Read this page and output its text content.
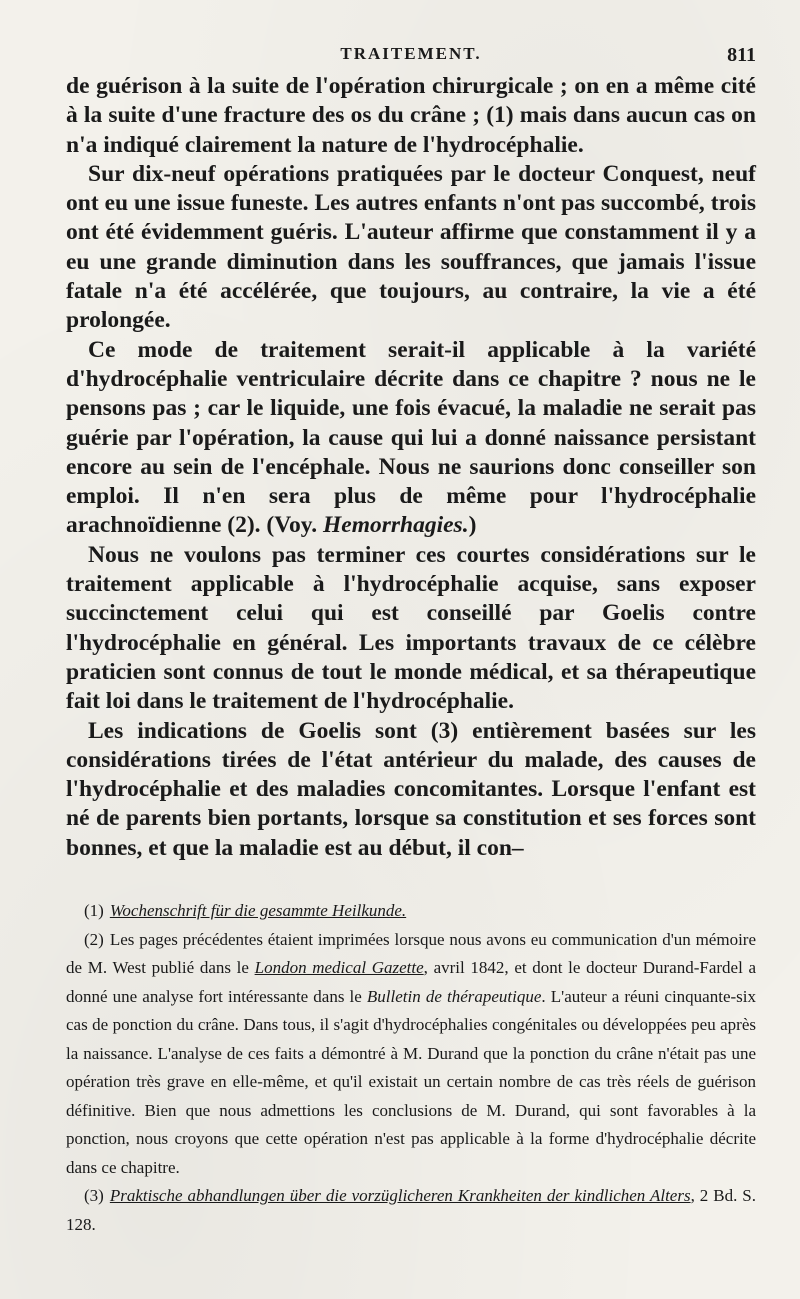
TRAITEMENT.	811

de guérison à la suite de l'opération chirurgicale ; on en a même cité à la suite d'une fracture des os du crâne ; (1) mais dans aucun cas on n'a indiqué clairement la nature de l'hydrocéphalie.

Sur dix-neuf opérations pratiquées par le docteur Conquest, neuf ont eu une issue funeste. Les autres enfants n'ont pas succombé, trois ont été évidemment guéris. L'auteur affirme que constamment il y a eu une grande diminution dans les souffrances, que jamais l'issue fatale n'a été accélérée, que toujours, au contraire, la vie a été prolongée.

Ce mode de traitement serait-il applicable à la variété d'hydrocéphalie ventriculaire décrite dans ce chapitre ? nous ne le pensons pas ; car le liquide, une fois évacué, la maladie ne serait pas guérie par l'opération, la cause qui lui a donné naissance persistant encore au sein de l'encéphale. Nous ne saurions donc conseiller son emploi. Il n'en sera plus de même pour l'hydrocéphalie arachnoïdienne (2). (Voy. Hemorrhagies.)

Nous ne voulons pas terminer ces courtes considérations sur le traitement applicable à l'hydrocéphalie acquise, sans exposer succinctement celui qui est conseillé par Goelis contre l'hydrocéphalie en général. Les importants travaux de ce célèbre praticien sont connus de tout le monde médical, et sa thérapeutique fait loi dans le traitement de l'hydrocéphalie.

Les indications de Goelis sont (3) entièrement basées sur les considérations tirées de l'état antérieur du malade, des causes de l'hydrocéphalie et des maladies concomitantes. Lorsque l'enfant est né de parents bien portants, lorsque sa constitution et ses forces sont bonnes, et que la maladie est au début, il con–

(1) Wochenschrift für die gesammte Heilkunde.

(2) Les pages précédentes étaient imprimées lorsque nous avons eu communication d'un mémoire de M. West publié dans le London medical Gazette, avril 1842, et dont le docteur Durand-Fardel a donné une analyse fort intéressante dans le Bulletin de thérapeutique. L'auteur a réuni cinquante-six cas de ponction du crâne. Dans tous, il s'agit d'hydrocéphalies congénitales ou développées peu après la naissance. L'analyse de ces faits a démontré à M. Durand que la ponction du crâne n'était pas une opération très grave en elle-même, et qu'il existait un certain nombre de cas très réels de guérison définitive. Bien que nous admettions les conclusions de M. Durand, qui sont favorables à la ponction, nous croyons que cette opération n'est pas applicable à la forme d'hydrocéphalie décrite dans ce chapitre.

(3) Praktische abhandlungen über die vorzüglicheren Krankheiten der kindlichen Alters, 2 Bd. S. 128.
